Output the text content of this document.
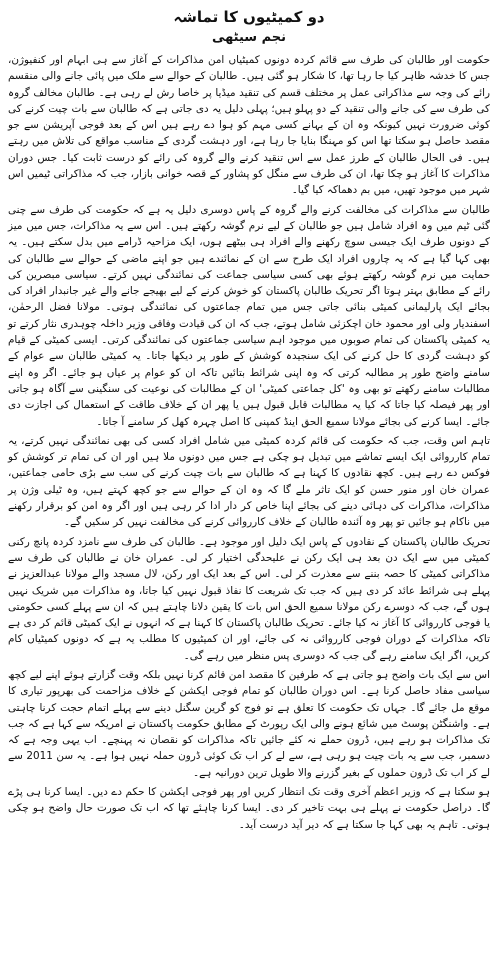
دو کمیٹیوں کا تماشہ
نجم سیٹھی

حکومت اور طالبان کی طرف سے قائم کردہ دونوں کمیٹیاں امن مذاکرات کے آغاز سے ہی ابہام اور کنفیوژن، جس کا خدشہ ظاہر کیا جا رہا تھا، کا شکار ہو گئی ہیں۔ طالبان کے حوالے سے ملک میں پائی جانے والی منقسم رائے کی وجہ سے مذاکراتی عمل پر مختلف قسم کی تنقید میڈیا پر خاصا رش لے رہی ہے۔ طالبان مخالف گروہ کی طرف سے کی جانے والی تنقید کے دو پہلو ہیں؛ پہلی دلیل یہ دی جاتی ہے کہ طالبان سے بات چیت کرنے کی کوئی ضرورت نہیں کیونکہ وہ ان کے بہانے کسی مہم کو ہوا دے رہے ہیں اس کے بعد فوجی آپریشن سے جو مقصد حاصل ہو سکتا تھا اس کو مہنگا بنایا جا رہا ہے، اور دہشت گردی کے مناسب مواقع کی تلاش میں رہتے ہیں۔ فی الحال طالبان کے طرز عمل سے اس تنقید کرنے والے گروہ کی رائے کو درست ثابت کیا۔ جس دوران مذاکرات کا آغاز ہو چکا تھا، ان کی طرف سے منگل کو پشاور کے قصہ خوانی بازار، جب کہ مذاکراتی ٹیمیں اس شہر میں موجود تھیں، میں بم دھماکہ کیا گیا۔

طالبان سے مذاکرات کی مخالفت کرنے والے گروہ کے پاس دوسری دلیل یہ ہے کہ حکومت کی طرف سے چنی گئی ٹیم میں وہ افراد شامل ہیں جو طالبان کے لیے نرم گوشہ رکھتے ہیں۔ اس سے یہ مذاکرات، جس میں میز کے دونوں طرف ایک جیسی سوچ رکھنے والے افراد ہی بیٹھے ہوں، ایک مزاحیہ ڈرامے میں بدل سکتے ہیں۔ یہ بھی کہا گیا ہے کہ یہ چاروں افراد ایک طرح سے ان کے نمائندے ہیں جو اپنے ماضی کے حوالے سے طالبان کی حمایت میں نرم گوشہ رکھتے ہوئے بھی کسی سیاسی جماعت کی نمائندگی نہیں کرتے۔ سیاسی مبصرین کی رائے کے مطابق بہتر ہوتا اگر تحریک طالبان پاکستان کو خوش کرنے کے لیے بھیجے جانے والے غیر جانبدار افراد کی بجائے ایک پارلیمانی کمیٹی بنائی جاتی جس میں تمام جماعتوں کی نمائندگی ہوتی۔ مولانا فضل الرحمٰن، اسفندیار ولی اور محمود خان اچکزئی شامل ہوتے، جب کہ ان کی قیادت وفاقی وزیر داخلہ چوہدری نثار کرتے تو یہ کمیٹی پاکستان کی تمام صوبوں میں موجود اہم سیاسی جماعتوں کی نمائندگی کرتی۔ ایسی کمیٹی کے قیام کو دہشت گردی کا حل کرنے کی ایک سنجیدہ کوشش کے طور پر دیکھا جاتا۔ یہ کمیٹی طالبان سے عوام کے سامنے واضح طور پر مطالبہ کرتی کہ وہ اپنی شرائط بتائیں تاکہ ان کو عوام پر عیاں ہو جائے۔ اگر وہ اپنے مطالبات سامنے رکھتے تو بھی وہ 'کل جماعتی کمیٹی' ان کے مطالبات کی نوعیت کی سنگینی سے آگاہ ہو جاتی اور پھر فیصلہ کیا جاتا کہ کیا یہ مطالبات قابل قبول ہیں یا پھر ان کے خلاف طاقت کے استعمال کی اجازت دی جائے۔ ایسا کرنے کی بجائے مولانا سمیع الحق اینڈ کمپنی کا اصل چہرہ کھل کر سامنے آ جاتا۔

تاہم اس وقت، جب کہ حکومت کی قائم کردہ کمیٹی میں شامل افراد کسی کی بھی نمائندگی نہیں کرتے، یہ تمام کارروائی ایک ایسے تماشے میں تبدیل ہو چکی ہے جس میں دونوں ملا ہیں اور ان کی تمام تر کوشش کو فوکس دے رہے ہیں۔ کچھ نقادوں کا کہنا ہے کہ طالبان سے بات چیت کرنے کی سب سے بڑی حامی جماعتیں، عمران خان اور منور حسن کو ایک تاثر ملے گا کہ وہ ان کے حوالے سے جو کچھ کہتے ہیں، وہ ٹیلی وژن پر مذاکرات، مذاکرات کی دہائی دینے کی بجائے اپنا خاص کر دار ادا کر رہی ہیں اور اگر وہ امن کو برقرار رکھنے میں ناکام ہو جائیں تو پھر وہ آئندہ طالبان کے خلاف کارروائی کرنے کی مخالفت نہیں کر سکیں گے۔

تحریک طالبان پاکستان کے نقادوں کے پاس ایک دلیل اور موجود ہے۔ طالبان کی طرف سے نامزد کردہ پانچ رکنی کمیٹی میں سے ایک دن بعد ہی ایک رکن نے علیحدگی اختیار کر لی۔ عمران خان نے طالبان کی طرف سے مذاکراتی کمیٹی کا حصہ بننے سے معذرت کر لی۔ اس کے بعد ایک اور رکن، لال مسجد والے مولانا عبدالعزیز نے پہلے ہی شرائط عائد کر دی ہیں کہ جب تک شریعت کا نفاذ قبول نہیں کیا جاتا، وہ مذاکرات میں شریک نہیں ہوں گے، جب کہ دوسرے رکن مولانا سمیع الحق اس بات کا یقین دلانا چاہتے ہیں کہ ان سے پہلے کسی حکومتی یا فوجی کارروائی کا آغاز نہ کیا جائے۔ تحریک طالبان پاکستان کا کہنا ہے کہ انہوں نے ایک کمیٹی قائم کر دی ہے تاکہ مذاکرات کے دوران فوجی کارروائی نہ کی جائے، اور ان کمیٹیوں کا مطلب یہ ہے کہ دونوں کمیٹیاں کام کریں، اگر ایک سامنے رہے گی جب کہ دوسری پس منظر میں رہے گی۔

اس سے ایک بات واضح ہو جاتی ہے کہ طرفین کا مقصد امن قائم کرنا نہیں بلکہ وقت گزارتے ہوئے اپنے لیے کچھ سیاسی مفاد حاصل کرنا ہے۔ اس دوران طالبان کو تمام فوجی ایکشن کے خلاف مزاحمت کی بھرپور تیاری کا موقع مل جائے گا۔ جہاں تک حکومت کا تعلق ہے تو فوج کو گرین سگنل دینے سے پہلے اتمام حجت کرنا چاہتی ہے۔ واشنگٹن پوسٹ میں شائع ہونے والی ایک رپورٹ کے مطابق حکومت پاکستان نے امریکہ سے کہا ہے کہ جب تک مذاکرات ہو رہے ہیں، ڈرون حملے نہ کئے جائیں تاکہ مذاکرات کو نقصان نہ پہنچے۔ اب یہی وجہ ہے کہ دسمبر، جب سے یہ بات چیت ہو رہی ہے، سے لے کر اب تک کوئی ڈرون حملہ نہیں ہوا ہے۔ یہ سن 2011 سے لے کر اب تک ڈرون حملوں کے بغیر گزرنے والا طویل ترین دورانیہ ہے۔

ہو سکتا ہے کہ وزیر اعظم آخری وقت تک انتظار کریں اور پھر فوجی ایکشن کا حکم دے دیں۔ ایسا کرنا ہی پڑے گا۔ دراصل حکومت نے پہلے ہی بہت تاخیر کر دی۔ ایسا کرنا چاہئے تھا کہ اب تک صورت حال واضح ہو چکی ہوتی۔ تاہم یہ بھی کہا جا سکتا ہے کہ دیر آید درست آید۔
